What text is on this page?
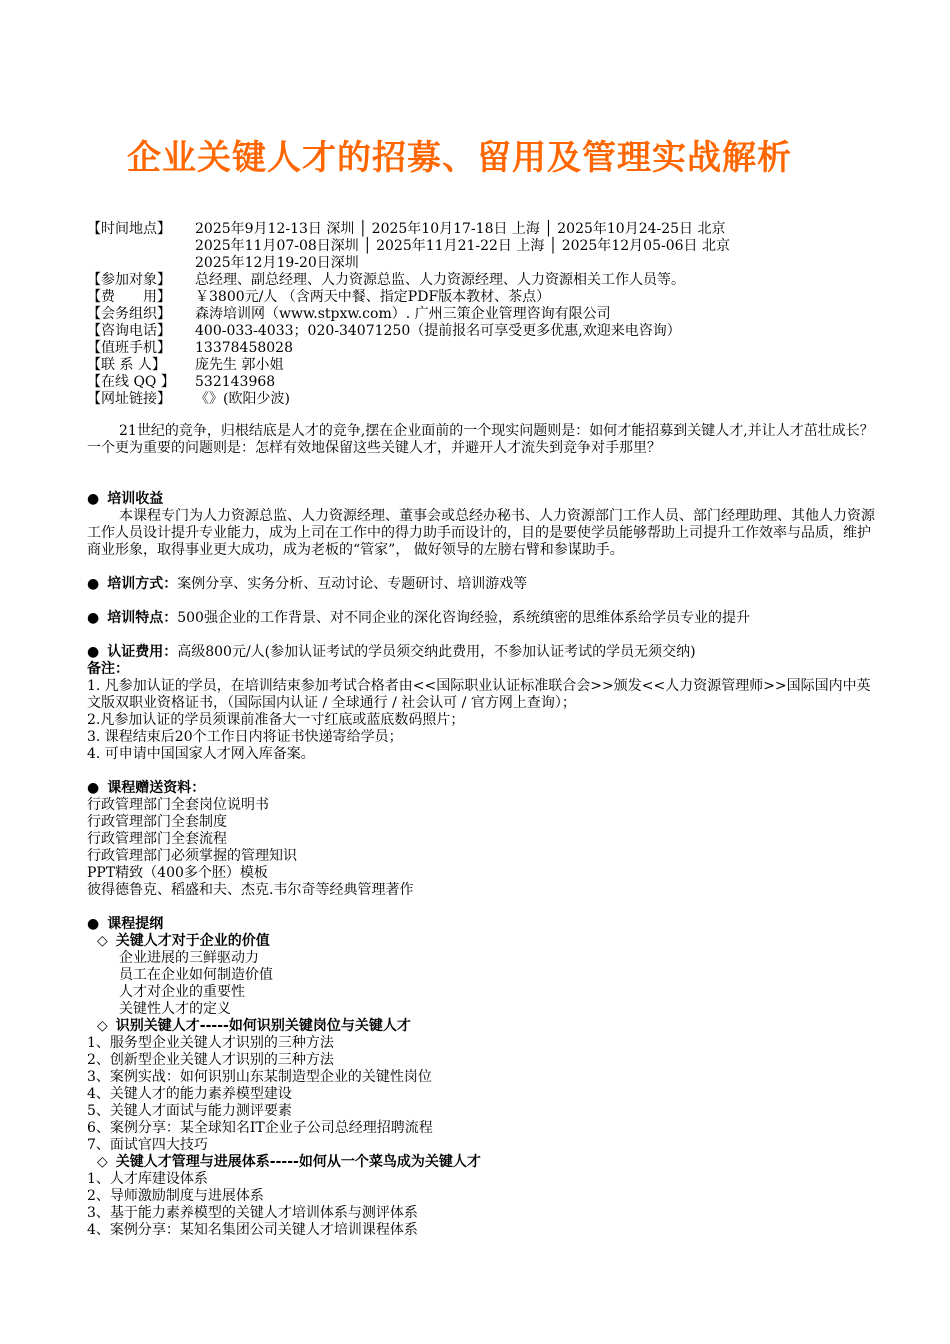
企业关键人才的招募、留用及管理实战解析
【时间地点】	2025年9月12-13日 深圳 │ 2025年10月17-18日 上海 │ 2025年10月24-25日 北京
2025年11月07-08日深圳 │ 2025年11月21-22日 上海 │ 2025年12月05-06日 北京
2025年12月19-20日深圳
【参加对象】	总经理、副总经理、人力资源总监、人力资源经理、人力资源相关工作人员等。
【费　　用】	￥3800元/人 （含两天中餐、指定PDF版本教材、茶点）
【会务组织】	森涛培训网（www.stpxw.com）. 广州三策企业管理咨询有限公司
【咨询电话】	400-033-4033；020-34071250（提前报名可享受更多优惠,欢迎来电咨询）
【值班手机】	13378458028
【联 系 人】	庞先生 郭小姐
【在线 QQ 】	532143968
【网址链接】	《》(欧阳少波)

21世纪的竞争，归根结底是人才的竞争,摆在企业面前的一个现实问题则是：如何才能招募到关键人才,并让人才茁壮成长？一个更为重要的问题则是：怎样有效地保留这些关键人才，并避开人才流失到竞争对手那里？

● 培训收益

本课程专门为人力资源总监、人力资源经理、董事会或总经办秘书、人力资源部门工作人员、部门经理助理、其他人力资源工作人员设计提升专业能力，成为上司在工作中的得力助手而设计的，目的是要使学员能够帮助上司提升工作效率与品质，维护商业形象，取得事业更大成功，成为老板的“管家”， 做好领导的左膀右臂和参谋助手。

● 培训方式：案例分享、实务分析、互动讨论、专题研讨、培训游戏等

● 培训特点：500强企业的工作背景、对不同企业的深化咨询经验，系统缜密的思维体系给学员专业的提升

● 认证费用：高级800元/人(参加认证考试的学员须交纳此费用，不参加认证考试的学员无须交纳)

备注：

1. 凡参加认证的学员，在培训结束参加考试合格者由<<国际职业认证标准联合会>>颁发<<人力资源管理师>>国际国内中英文版双职业资格证书，（国际国内认证 / 全球通行 / 社会认可 / 官方网上查询）；

2.凡参加认证的学员须课前准备大一寸红底或蓝底数码照片；

3. 课程结束后20个工作日内将证书快递寄给学员；

4. 可申请中国国家人才网入库备案。

● 课程赠送资料：

行政管理部门全套岗位说明书

行政管理部门全套制度

行政管理部门全套流程

行政管理部门必须掌握的管理知识

PPT精致（400多个胚）模板

彼得德鲁克、稻盛和夫、杰克.韦尔奇等经典管理著作

● 课程提纲

◇ 关键人才对于企业的价值

企业进展的三鲜驱动力

员工在企业如何制造价值

人才对企业的重要性

关键性人才的定义

◇ 识别关键人才-----如何识别关键岗位与关键人才

1、服务型企业关键人才识别的三种方法

2、创新型企业关键人才识别的三种方法

3、案例实战：如何识别山东某制造型企业的关键性岗位

4、关键人才的能力素养模型建设

5、关键人才面试与能力测评要素

6、案例分享：某全球知名IT企业子公司总经理招聘流程

7、面试官四大技巧

◇ 关键人才管理与进展体系-----如何从一个菜鸟成为关键人才

1、人才库建设体系

2、导师激励制度与进展体系

3、基于能力素养模型的关键人才培训体系与测评体系

4、案例分享：某知名集团公司关键人才培训课程体系
